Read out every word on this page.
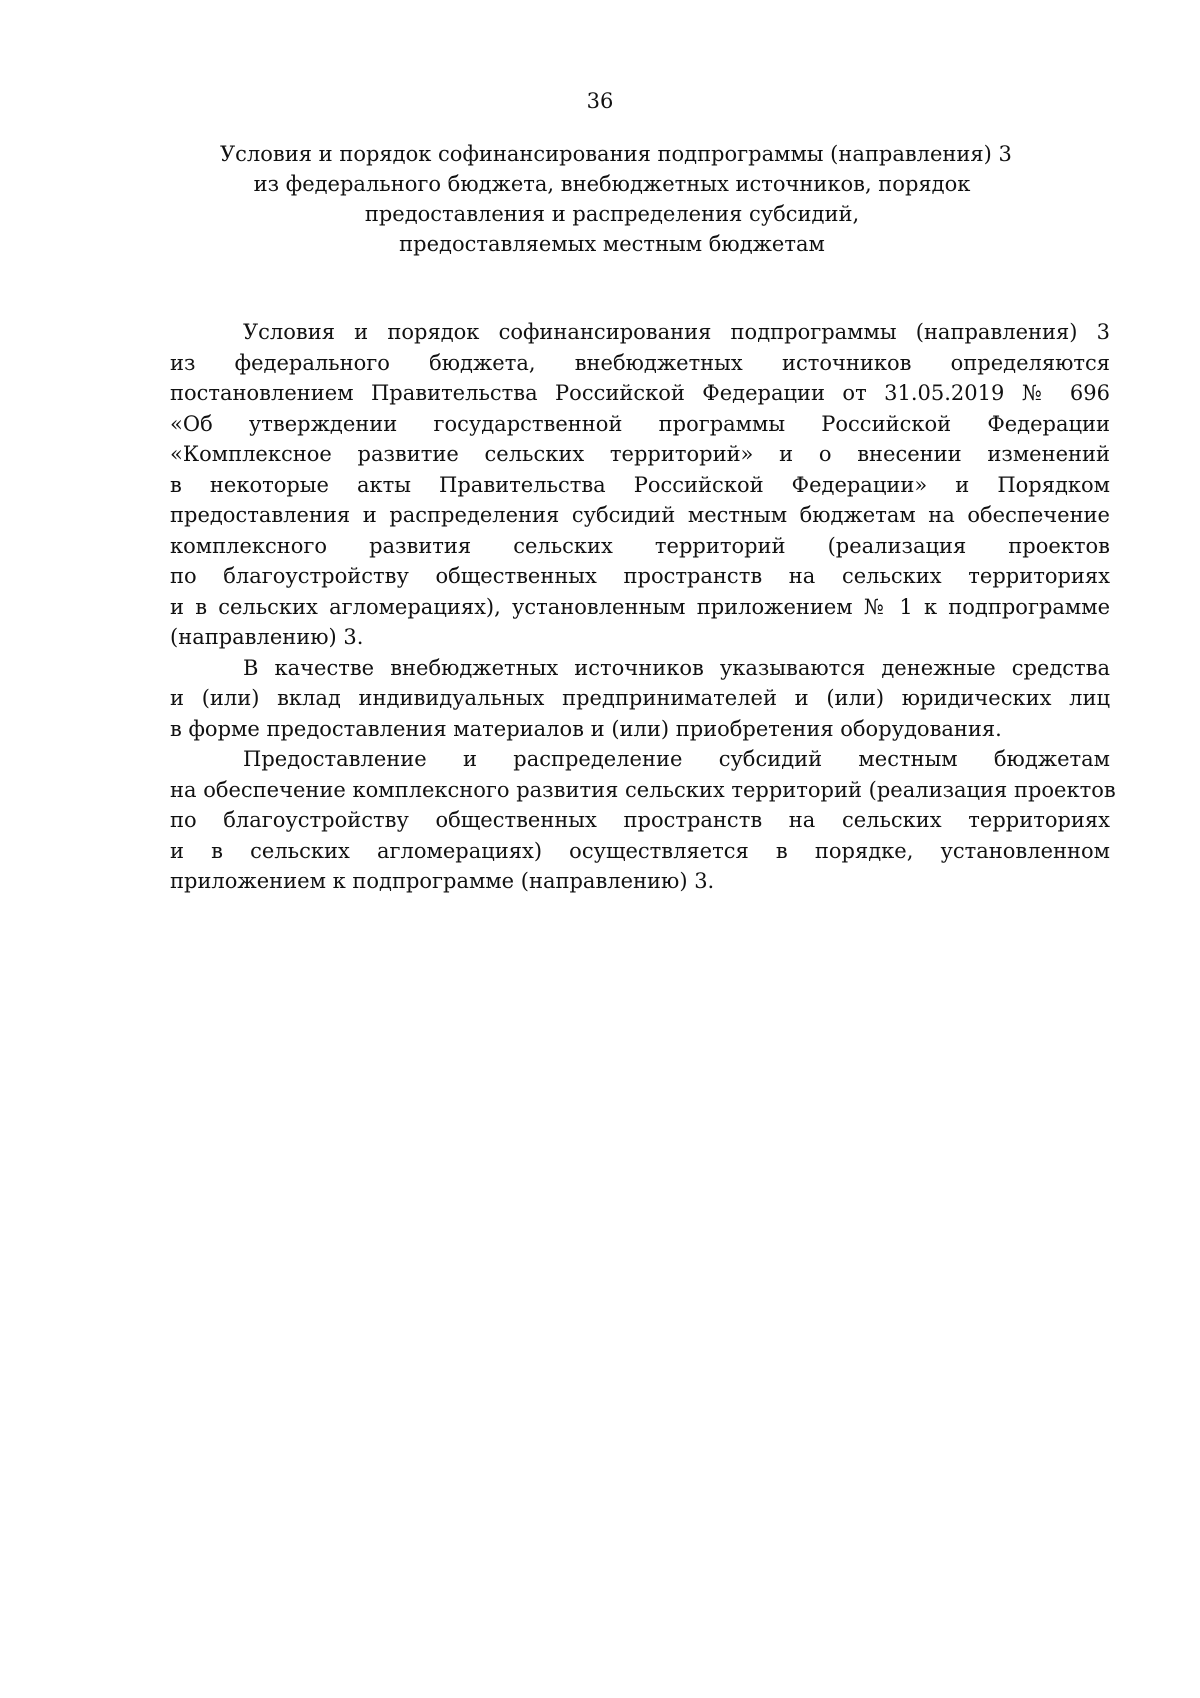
36
Условия и порядок софинансирования подпрограммы (направления) 3
из федерального бюджета, внебюджетных источников, порядок
предоставления и распределения субсидий,
предоставляемых местным бюджетам
Условия и порядок софинансирования подпрограммы (направления) 3
из федерального бюджета, внебюджетных источников определяются
постановлением Правительства Российской Федерации от 31.05.2019 № 696
«Об утверждении государственной программы Российской Федерации
«Комплексное развитие сельских территорий» и о внесении изменений
в некоторые акты Правительства Российской Федерации» и Порядком
предоставления и распределения субсидий местным бюджетам на обеспечение
комплексного развития сельских территорий (реализация проектов
по благоустройству общественных пространств на сельских территориях
и в сельских агломерациях), установленным приложением № 1 к подпрограмме
(направлению) 3.
В качестве внебюджетных источников указываются денежные средства
и (или) вклад индивидуальных предпринимателей и (или) юридических лиц
в форме предоставления материалов и (или) приобретения оборудования.
Предоставление и распределение субсидий местным бюджетам
на обеспечение комплексного развития сельских территорий (реализация проектов
по благоустройству общественных пространств на сельских территориях
и в сельских агломерациях) осуществляется в порядке, установленном
приложением к подпрограмме (направлению) 3.
